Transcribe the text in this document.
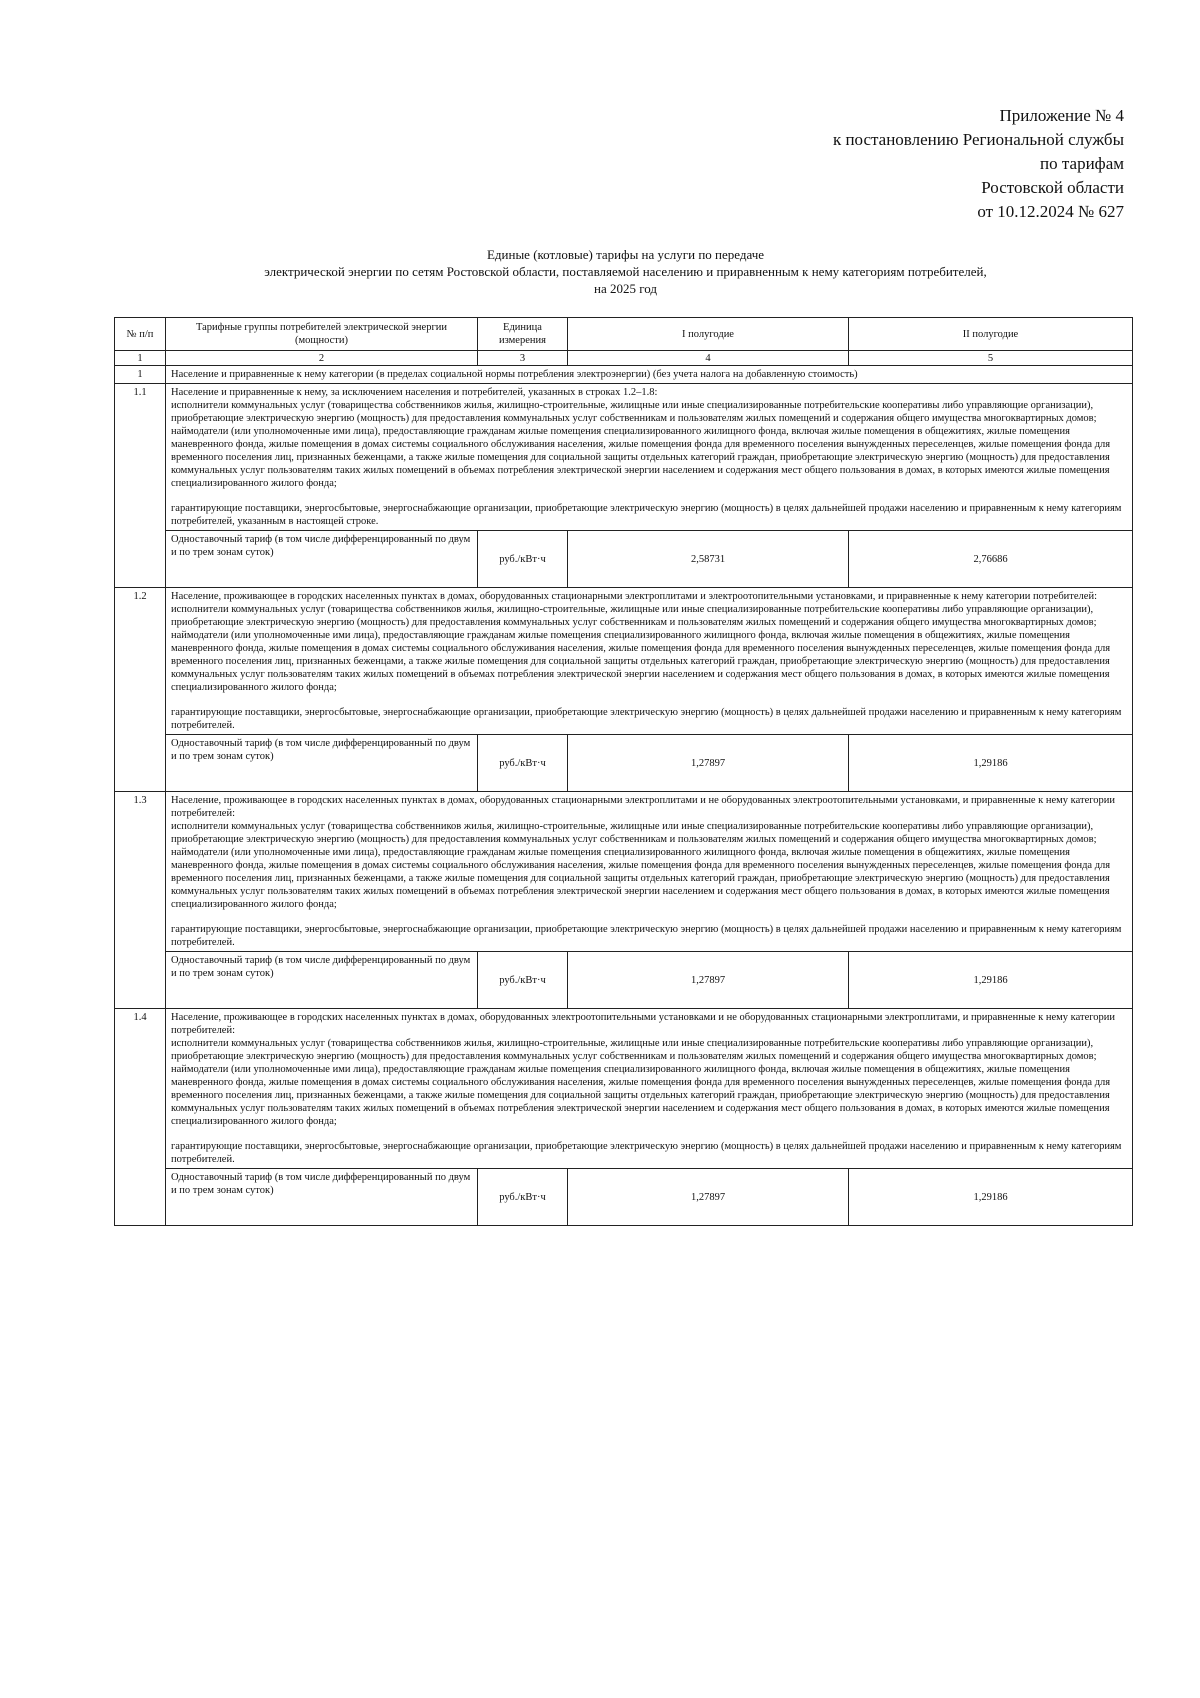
Приложение № 4
к постановлению Региональной службы
по тарифам
Ростовской области
от 10.12.2024 № 627
Единые (котловые) тарифы на услуги по передаче
электрической энергии по сетям Ростовской области, поставляемой населению и приравненным к нему категориям потребителей,
на 2025 год
№ п/п	Тарифные группы потребителей электрической энергии (мощности)	Единица измерения	I полугодие	II полугодие
1	2	3	4	5
1	Население и приравненные к нему категории (в пределах социальной нормы потребления электроэнергии) (без учета налога на добавленную стоимость)			
1.1	Население и приравненные к нему, за исключением населения и потребителей, указанных в строках 1.2–1.8:

исполнители коммунальных услуг (товарищества собственников жилья, жилищно-строительные, жилищные или иные специализированные потребительские кооперативы либо управляющие организации), приобретающие электрическую энергию (мощность) для предоставления коммунальных услуг собственникам и пользователям жилых помещений и содержания общего имущества многоквартирных домов;

наймодатели (или уполномоченные ими лица), предоставляющие гражданам жилые помещения специализированного жилищного фонда, включая жилые помещения в общежитиях, жилые помещения маневренного фонда, жилые помещения в домах системы социального обслуживания населения, жилые помещения фонда для временного поселения вынужденных переселенцев, жилые помещения фонда для временного поселения лиц, признанных беженцами, а также жилые помещения для социальной защиты отдельных категорий граждан, приобретающие электрическую энергию (мощность) для предоставления коммунальных услуг пользователям таких жилых помещений в объемах потребления электрической энергии населением и содержания мест общего пользования в домах, в которых имеются жилые помещения специализированного жилого фонда;

гарантирующие поставщики, энергосбытовые, энергоснабжающие организации, приобретающие электрическую энергию (мощность) в целях дальнейшей продажи населению и приравненным к нему категориям потребителей, указанным в настоящей строке.			

	Одноставочный тариф (в том числе дифференцированный по двум и по трем зонам суток)	руб./кВт·ч	2,58731	2,76686
1.2	Население, проживающее в городских населенных пунктах в домах, оборудованных стационарными электроплитами и электроотопительными установками, и приравненные к нему категории потребителей:

исполнители коммунальных услуг (товарищества собственников жилья, жилищно-строительные, жилищные или иные специализированные потребительские кооперативы либо управляющие организации), приобретающие электрическую энергию (мощность) для предоставления коммунальных услуг собственникам и пользователям жилых помещений и содержания общего имущества многоквартирных домов;

наймодатели (или уполномоченные ими лица), предоставляющие гражданам жилые помещения специализированного жилищного фонда, включая жилые помещения в общежитиях, жилые помещения маневренного фонда, жилые помещения в домах системы социального обслуживания населения, жилые помещения фонда для временного поселения вынужденных переселенцев, жилые помещения фонда для временного поселения лиц, признанных беженцами, а также жилые помещения для социальной защиты отдельных категорий граждан, приобретающие электрическую энергию (мощность) для предоставления коммунальных услуг пользователям таких жилых помещений в объемах потребления электрической энергии населением и содержания мест общего пользования в домах, в которых имеются жилые помещения специализированного жилого фонда;

гарантирующие поставщики, энергосбытовые, энергоснабжающие организации, приобретающие электрическую энергию (мощность) в целях дальнейшей продажи населению и приравненным к нему категориям потребителей.			

	Одноставочный тариф (в том числе дифференцированный по двум и по трем зонам суток)	руб./кВт·ч	1,27897	1,29186
1.3	Население, проживающее в городских населенных пунктах в домах, оборудованных стационарными электроплитами и не оборудованных электроотопительными установками, и приравненные к нему категории потребителей:

исполнители коммунальных услуг (товарищества собственников жилья, жилищно-строительные, жилищные или иные специализированные потребительские кооперативы либо управляющие организации), приобретающие электрическую энергию (мощность) для предоставления коммунальных услуг собственникам и пользователям жилых помещений и содержания общего имущества многоквартирных домов;

наймодатели (или уполномоченные ими лица), предоставляющие гражданам жилые помещения специализированного жилищного фонда, включая жилые помещения в общежитиях, жилые помещения маневренного фонда, жилые помещения в домах системы социального обслуживания населения, жилые помещения фонда для временного поселения вынужденных переселенцев, жилые помещения фонда для временного поселения лиц, признанных беженцами, а также жилые помещения для социальной защиты отдельных категорий граждан, приобретающие электрическую энергию (мощность) для предоставления коммунальных услуг пользователям таких жилых помещений в объемах потребления электрической энергии населением и содержания мест общего пользования в домах, в которых имеются жилые помещения специализированного жилого фонда;

гарантирующие поставщики, энергосбытовые, энергоснабжающие организации, приобретающие электрическую энергию (мощность) в целях дальнейшей продажи населению и приравненным к нему категориям потребителей.			

	Одноставочный тариф (в том числе дифференцированный по двум и по трем зонам суток)	руб./кВт·ч	1,27897	1,29186
1.4	Население, проживающее в городских населенных пунктах в домах, оборудованных электроотопительными установками и не оборудованных стационарными электроплитами, и приравненные к нему категории потребителей:

исполнители коммунальных услуг (товарищества собственников жилья, жилищно-строительные, жилищные или иные специализированные потребительские кооперативы либо управляющие организации), приобретающие электрическую энергию (мощность) для предоставления коммунальных услуг собственникам и пользователям жилых помещений и содержания общего имущества многоквартирных домов;

наймодатели (или уполномоченные ими лица), предоставляющие гражданам жилые помещения специализированного жилищного фонда, включая жилые помещения в общежитиях, жилые помещения маневренного фонда, жилые помещения в домах системы социального обслуживания населения, жилые помещения фонда для временного поселения вынужденных переселенцев, жилые помещения фонда для временного поселения лиц, признанных беженцами, а также жилые помещения для социальной защиты отдельных категорий граждан, приобретающие электрическую энергию (мощность) для предоставления коммунальных услуг пользователям таких жилых помещений в объемах потребления электрической энергии населением и содержания мест общего пользования в домах, в которых имеются жилые помещения специализированного жилого фонда;

гарантирующие поставщики, энергосбытовые, энергоснабжающие организации, приобретающие электрическую энергию (мощность) в целях дальнейшей продажи населению и приравненным к нему категориям потребителей.			

	Одноставочный тариф (в том числе дифференцированный по двум и по трем зонам суток)	руб./кВт·ч	1,27897	1,29186
